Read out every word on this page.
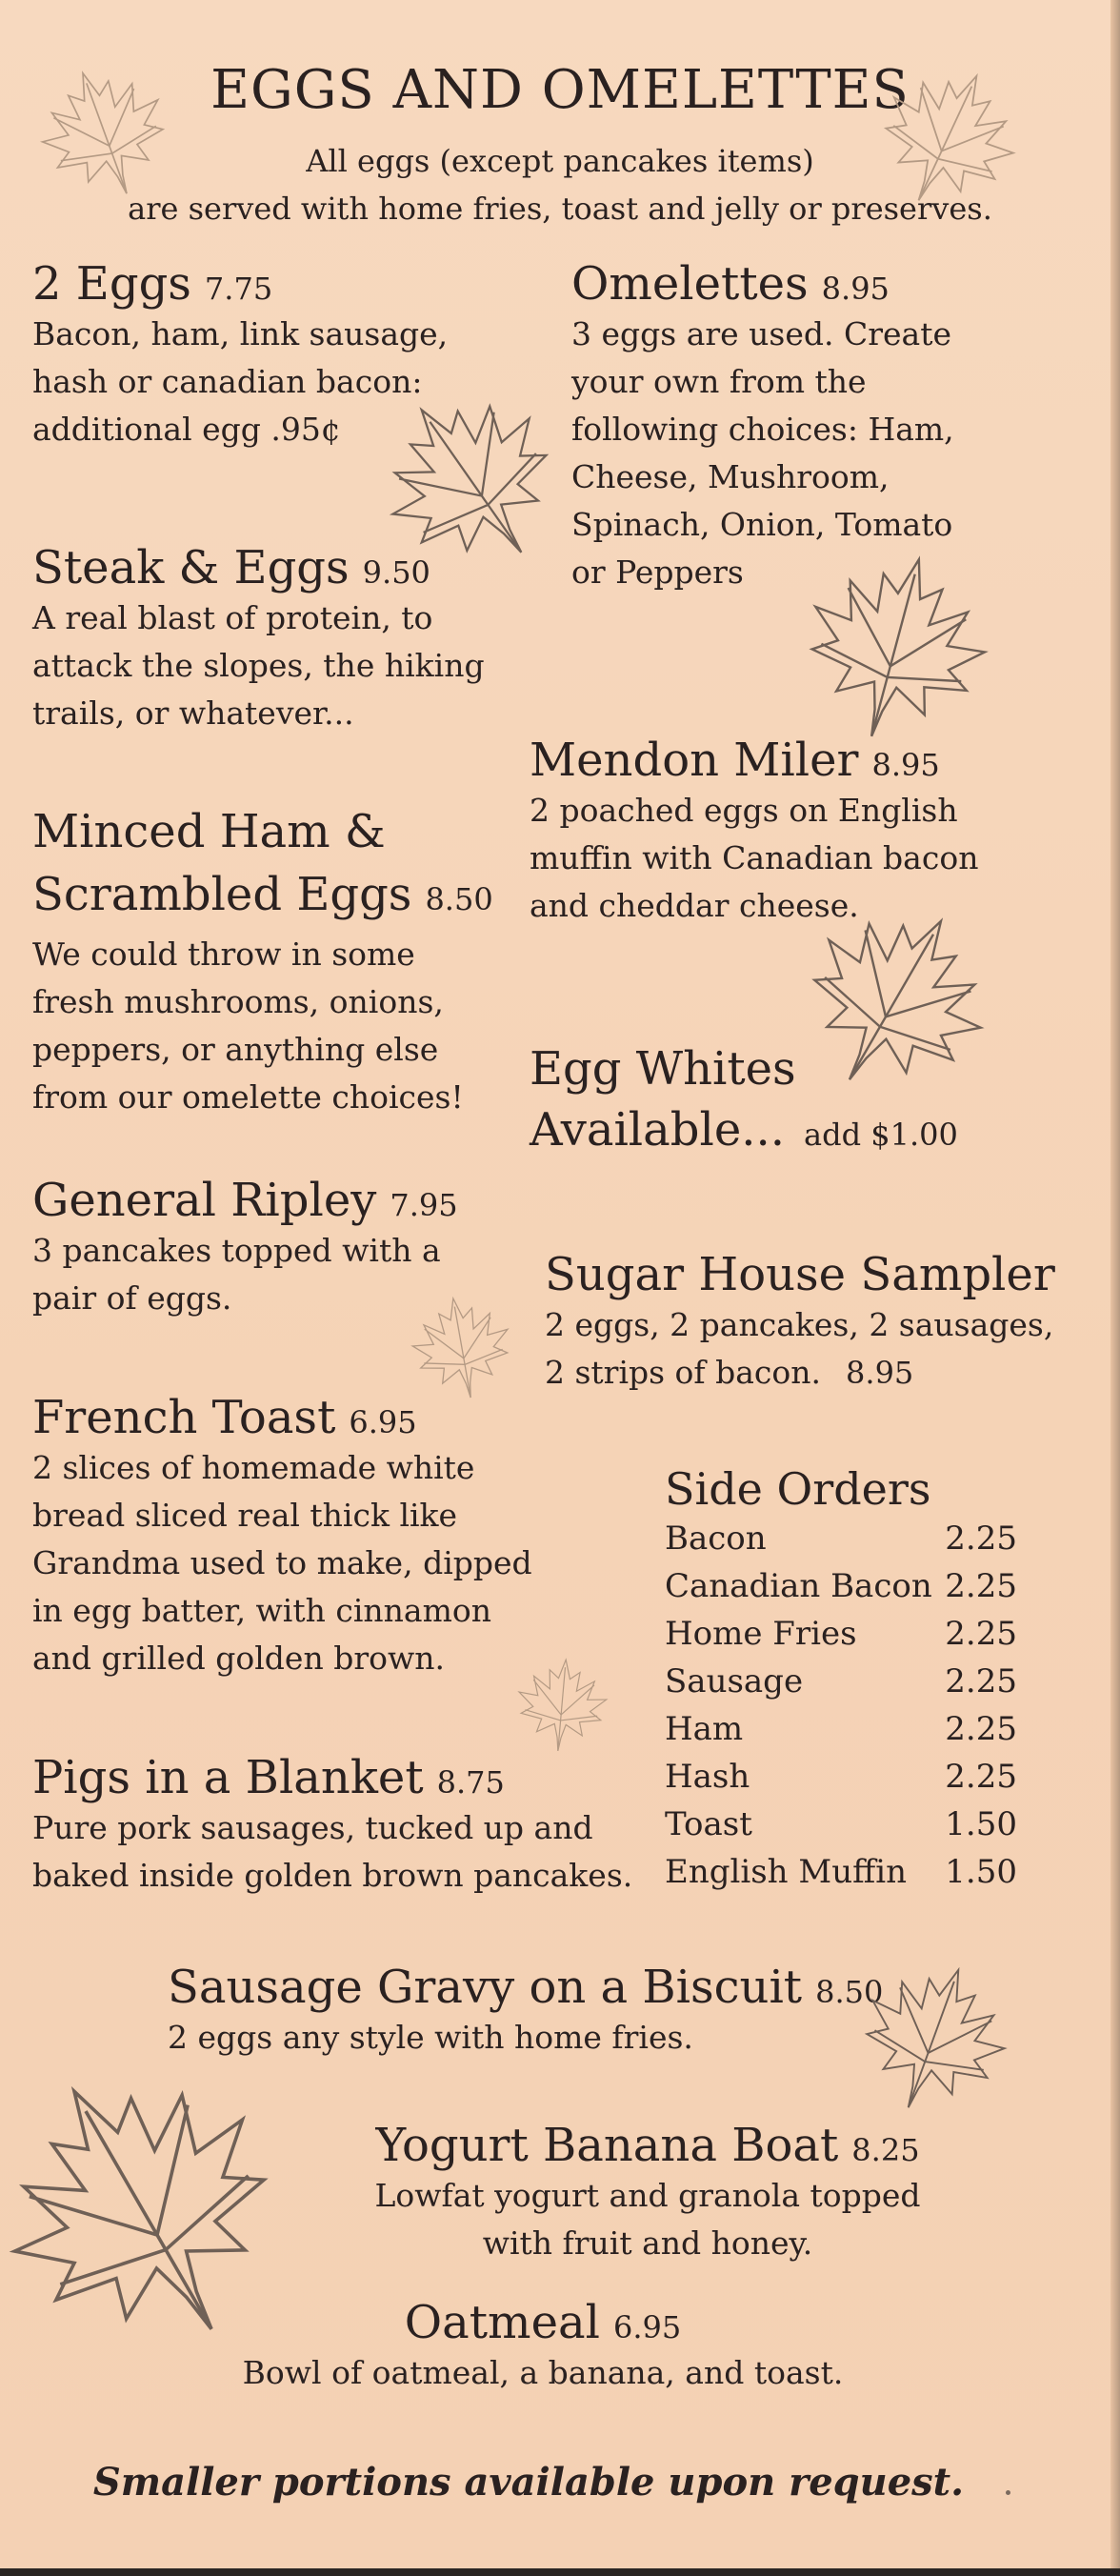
EGGS AND OMELETTES
All eggs (except pancakes items)
are served with home fries, toast and jelly or preserves.
2 Eggs 7.75
Bacon, ham, link sausage,
hash or canadian bacon:
additional egg .95¢
Steak & Eggs 9.50
A real blast of protein, to
attack the slopes, the hiking
trails, or whatever...
Minced Ham &
Scrambled Eggs 8.50
We could throw in some
fresh mushrooms, onions,
peppers, or anything else
from our omelette choices!
General Ripley 7.95
3 pancakes topped with a
pair of eggs.
French Toast 6.95
2 slices of homemade white
bread sliced real thick like
Grandma used to make, dipped
in egg batter, with cinnamon
and grilled golden brown.
Pigs in a Blanket 8.75
Pure pork sausages, tucked up and
baked inside golden brown pancakes.
Omelettes 8.95
3 eggs are used. Create
your own from the
following choices: Ham,
Cheese, Mushroom,
Spinach, Onion, Tomato
or Peppers
Mendon Miler 8.95
2 poached eggs on English
muffin with Canadian bacon
and cheddar cheese.
Egg Whites
Available... add $1.00
Sugar House Sampler
2 eggs, 2 pancakes, 2 sausages,
2 strips of bacon. 8.95
Side Orders
Bacon	2.25
Canadian Bacon 2.25
Home Fries	2.25
Sausage	2.25
Ham	2.25
Hash	2.25
Toast	1.50
English Muffin 1.50
Sausage Gravy on a Biscuit 8.50
2 eggs any style with home fries.
Yogurt Banana Boat 8.25
Lowfat yogurt and granola topped
with fruit and honey.
Oatmeal 6.95
Bowl of oatmeal, a banana, and toast.
Smaller portions available upon request.
